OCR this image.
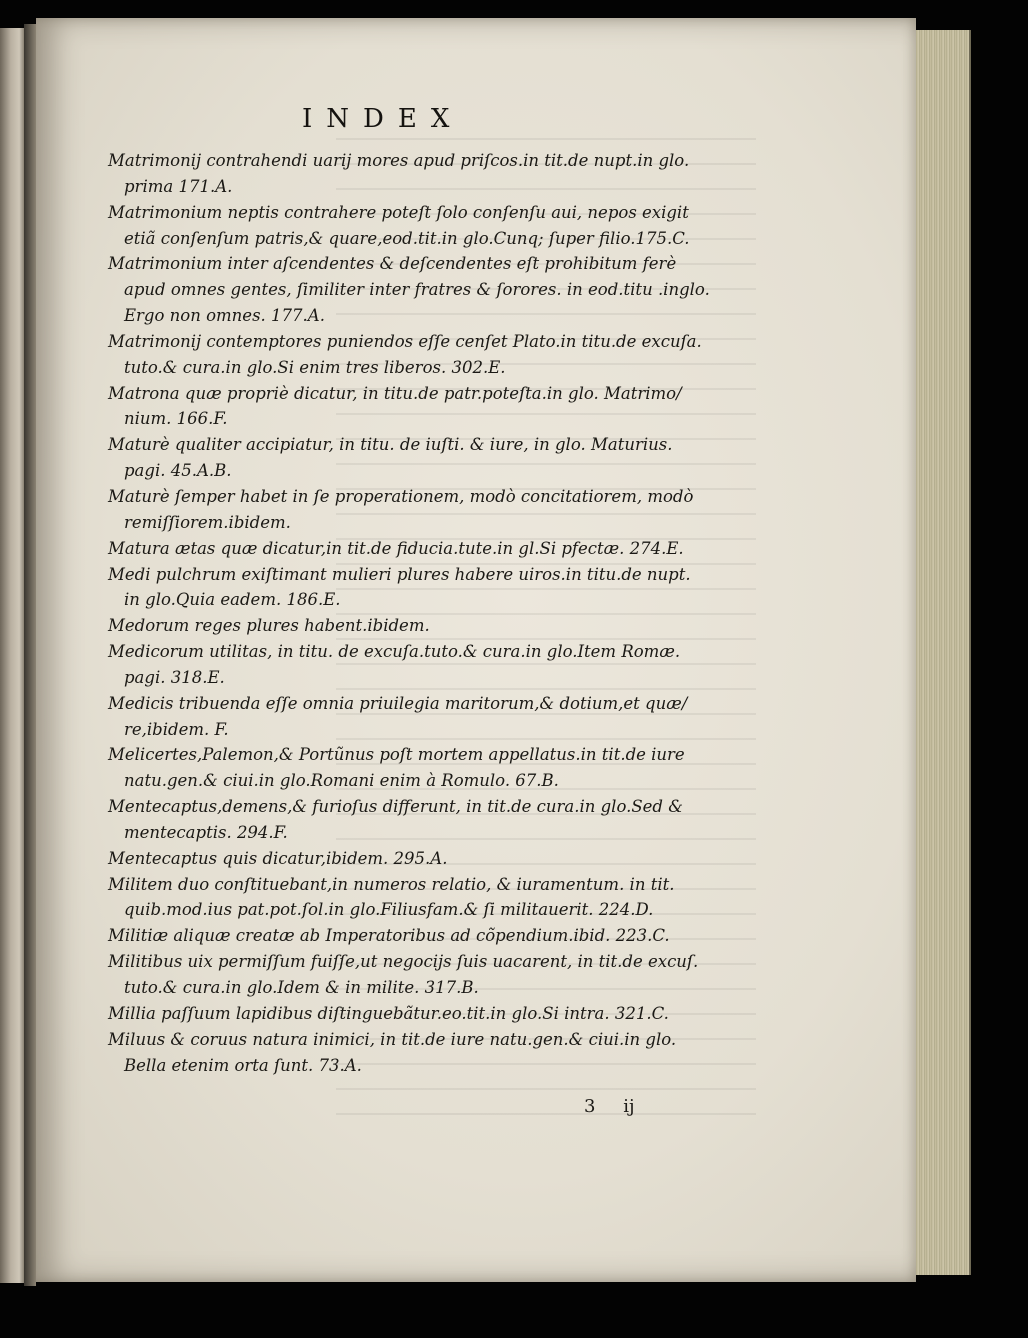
INDEX
Matrimonij contrahendi uarij mores apud priſcos.in tit.de nupt.in glo.
prima 171.A.
Matrimonium neptis contrahere poteſt ſolo conſenſu aui, nepos exigit
etiã conſenſum patris,& quare,eod.tit.in glo.Cunq; ſuper filio.175.C.
Matrimonium inter aſcendentes & deſcendentes eſt prohibitum ferè
apud omnes gentes, ſimiliter inter fratres & ſorores. in eod.titu .inglo.
Ergo non omnes. 177.A.
Matrimonij contemptores puniendos eſſe cenſet Plato.in titu.de excuſa.
tuto.& cura.in glo.Si enim tres liberos. 302.E.
Matrona quæ propriè dicatur, in titu.de patr.poteſta.in glo. Matrimo/
nium. 166.F.
Maturè qualiter accipiatur, in titu. de iuſti. & iure, in glo. Maturius.
pagi. 45.A.B.
Maturè ſemper habet in ſe properationem, modò concitatiorem, modò
remiſſiorem.ibidem.
Matura ætas quæ dicatur,in tit.de fiducia.tute.in gl.Si pfectæ. 274.E.
Medi pulchrum exiſtimant mulieri plures habere uiros.in titu.de nupt.
in glo.Quia eadem. 186.E.
Medorum reges plures habent.ibidem.
Medicorum utilitas, in titu. de excuſa.tuto.& cura.in glo.Item Romæ.
pagi. 318.E.
Medicis tribuenda eſſe omnia priuilegia maritorum,& dotium,et quæ/
re,ibidem. F.
Melicertes,Palemon,& Portũnus poſt mortem appellatus.in tit.de iure
natu.gen.& ciui.in glo.Romani enim à Romulo. 67.B.
Mentecaptus,demens,& furioſus differunt, in tit.de cura.in glo.Sed &
mentecaptis. 294.F.
Mentecaptus quis dicatur,ibidem. 295.A.
Militem duo conſtituebant,in numeros relatio, & iuramentum. in tit.
quib.mod.ius pat.pot.ſol.in glo.Filiusfam.& ſi militauerit. 224.D.
Militiæ aliquæ creatæ ab Imperatoribus ad cõpendium.ibid. 223.C.
Militibus uix permiſſum fuiſſe,ut negocijs ſuis uacarent, in tit.de excuſ.
tuto.& cura.in glo.Idem & in milite. 317.B.
Millia paſſuum lapidibus diſtinguebãtur.eo.tit.in glo.Si intra. 321.C.
Miluus & coruus natura inimici, in tit.de iure natu.gen.& ciui.in glo.
Bella etenim orta ſunt. 73.A.
3 ij
